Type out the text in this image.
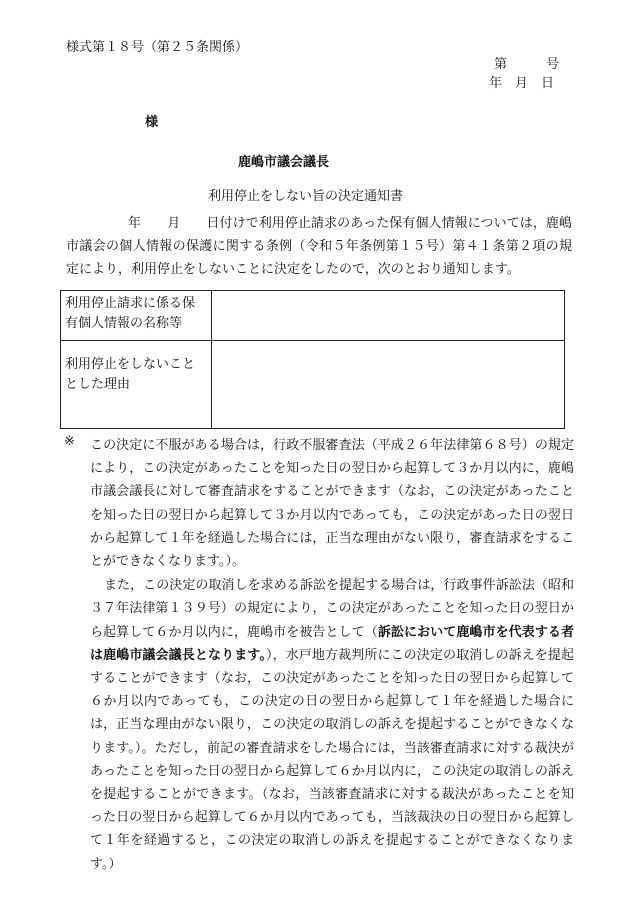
様式第１８号（第２５条関係）
第　　　号
年　月　日
様
鹿嶋市議会議長
利用停止をしない旨の決定通知書
年　　月　　日付けで利用停止請求のあった保有個人情報については，鹿嶋市議会の個人情報の保護に関する条例（令和５年条例第１５号）第４１条第２項の規定により，利用停止をしないことに決定をしたので，次のとおり通知します。
利用停止請求に係る保有個人情報の名称等	
利用停止をしないこととした理由	
※ この決定に不服がある場合は，行政不服審査法（平成２６年法律第６８号）の規定により，この決定があったことを知った日の翌日から起算して３か月以内に，鹿嶋市議会議長に対して審査請求をすることができます（なお，この決定があったことを知った日の翌日から起算して３か月以内であっても，この決定があった日の翌日から起算して１年を経過した場合には，正当な理由がない限り，審査請求をすることができなくなります。）。

また，この決定の取消しを求める訴訟を提起する場合は，行政事件訴訟法（昭和３７年法律第１３９号）の規定により，この決定があったことを知った日の翌日から起算して６か月以内に，鹿嶋市を被告として（訴訟において鹿嶋市を代表する者は鹿嶋市議会議長となります。），水戸地方裁判所にこの決定の取消しの訴えを提起することができます（なお，この決定があったことを知った日の翌日から起算して６か月以内であっても，この決定の日の翌日から起算して１年を経過した場合には，正当な理由がない限り，この決定の取消しの訴えを提起することができなくなります。）。ただし，前記の審査請求をした場合には，当該審査請求に対する裁決があったことを知った日の翌日から起算して６か月以内に，この決定の取消しの訴えを提起することができます。（なお，当該審査請求に対する裁決があったことを知った日の翌日から起算して６か月以内であっても，当該裁決の日の翌日から起算して１年を経過すると，この決定の取消しの訴えを提起することができなくなります。）
